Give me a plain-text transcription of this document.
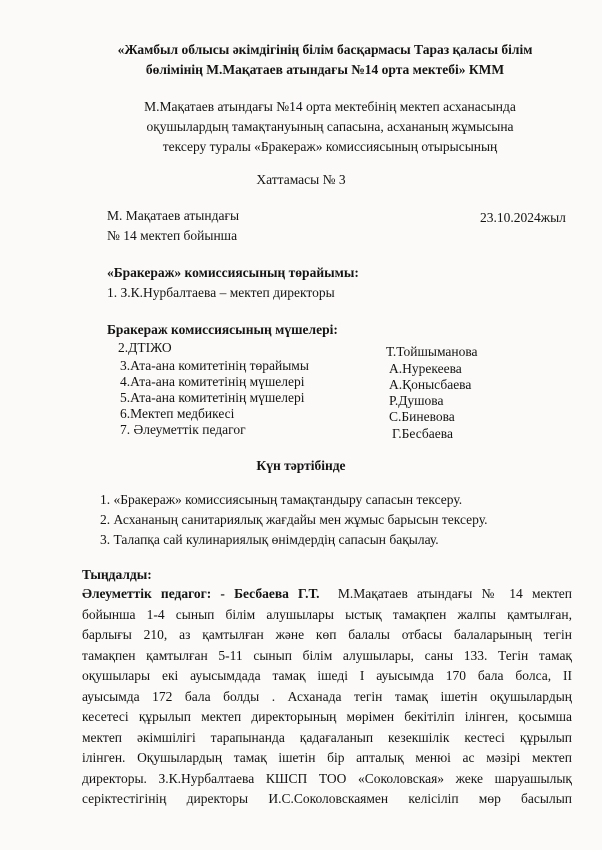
«Жамбыл облысы әкімдігінің білім басқармасы Тараз қаласы білім
бөлімінің М.Мақатаев атындағы №14 орта мектебі» КММ
М.Мақатаев атындағы №14 орта мектебінің мектеп асханасында
оқушылардың тамақтануының сапасына, асхананың жұмысына
тексеру туралы «Бракераж» комиссиясының отырысының
Хаттамасы № 3
М. Мақатаев атындағы
№ 14 мектеп бойынша
23.10.2024жыл
«Бракераж» комиссиясының төрайымы:
1. З.К.Нурбалтаева – мектеп директоры
Бракераж комиссиясының мүшелері:
2.ДТІЖО	Т.Тойшыманова
3.Ата-ана комитетінің төрайымы	А.Нурекеева
4.Ата-ана комитетінің мүшелері	А.Қонысбаева
5.Ата-ана комитетінің мүшелері	Р.Душова
6.Мектеп медбикесі	С.Биневова
7. Әлеуметтік педагог	Г.Бесбаева
Күн тәртібінде
1. «Бракераж» комиссиясының тамақтандыру сапасын тексеру.
2. Асхананың санитариялық жағдайы мен жұмыс барысын тексеру.
3. Талапқа сай кулинариялық өнімдердің сапасын бақылау.
Тыңдалды:
Әлеуметтік педагог: - Бесбаева Г.Т. М.Мақатаев атындағы № 14 мектеп
бойынша 1-4 сынып білім алушылары ыстық тамақпен жалпы қамтылған,
барлығы 210, аз қамтылған және көп балалы отбасы балаларының тегін
тамақпен қамтылған 5-11 сынып білім алушылары, саны 133. Тегін тамақ
оқушылары екі ауысымдада тамақ ішеді І ауысымда 170 бала болса, ІІ
ауысымда 172 бала болды . Асханада тегін тамақ ішетін оқушылардың
кесетесі құрылып мектеп директорының мөрімен бекітіліп ілінген, қосымша
мектеп әкімшілігі тарапынанда қадағаланып кезекшілік кестесі құрылып
ілінген. Оқушылардың тамақ ішетін бір апталық менюі ас мәзірі мектеп
директоры. З.К.Нурбалтаева КШСП ТОО «Соколовская» жеке шаруашылық
серіктестігінің директоры И.С.Соколовскаямен келісіліп мөр басылып
